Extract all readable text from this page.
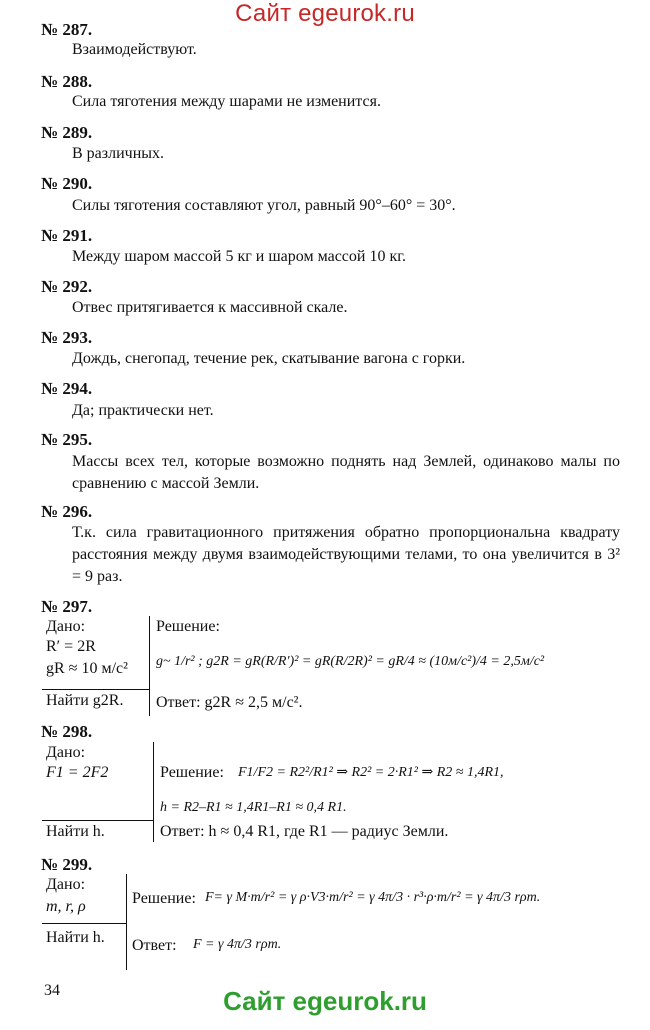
Сайт egeurok.ru
№ 287.
Взаимодействуют.
№ 288.
Сила тяготения между шарами не изменится.
№ 289.
В различных.
№ 290.
Силы тяготения составляют угол, равный 90°–60° = 30°.
№ 291.
Между шаром массой 5 кг и шаром массой 10 кг.
№ 292.
Отвес притягивается к массивной скале.
№ 293.
Дождь, снегопад, течение рек, скатывание вагона с горки.
№ 294.
Да; практически нет.
№ 295.
Массы всех тел, которые возможно поднять над Землей, одинаково малы по сравнению с массой Земли.
№ 296.
Т.к. сила гравитационного притяжения обратно пропорциональна квадрату расстояния между двумя взаимодействующими телами, то она увеличится в 3² = 9 раз.
№ 297.
Дано:
R′ = 2R
gR ≈ 10 м/с²
Найти g2R.
Решение:
g~ 1/r² ; g2R = gR(R/R′)² = gR(R/2R)² = gR/4 ≈ (10м/с²)/4 = 2,5м/с²
Ответ: g2R ≈ 2,5 м/с².
№ 298.
Дано:
F1 = 2F2
Найти h.
Решение: F1/F2 = R2²/R1² ⇒ R2² = 2·R1² ⇒ R2 ≈ 1,4R1,
h = R2–R1 ≈ 1,4R1–R1 ≈ 0,4 R1.
Ответ: h ≈ 0,4 R1, где R1 — радиус Земли.
№ 299.
Дано:
m, r, ρ
Найти h.
Решение: F= γ M·m/r² = γ ρ·V3·m/r² = γ 4π/3 · r³·ρ·m/r² = γ 4π/3 rρm.
Ответ: F = γ 4π/3 rρm.
34	Сайт egeurok.ru
